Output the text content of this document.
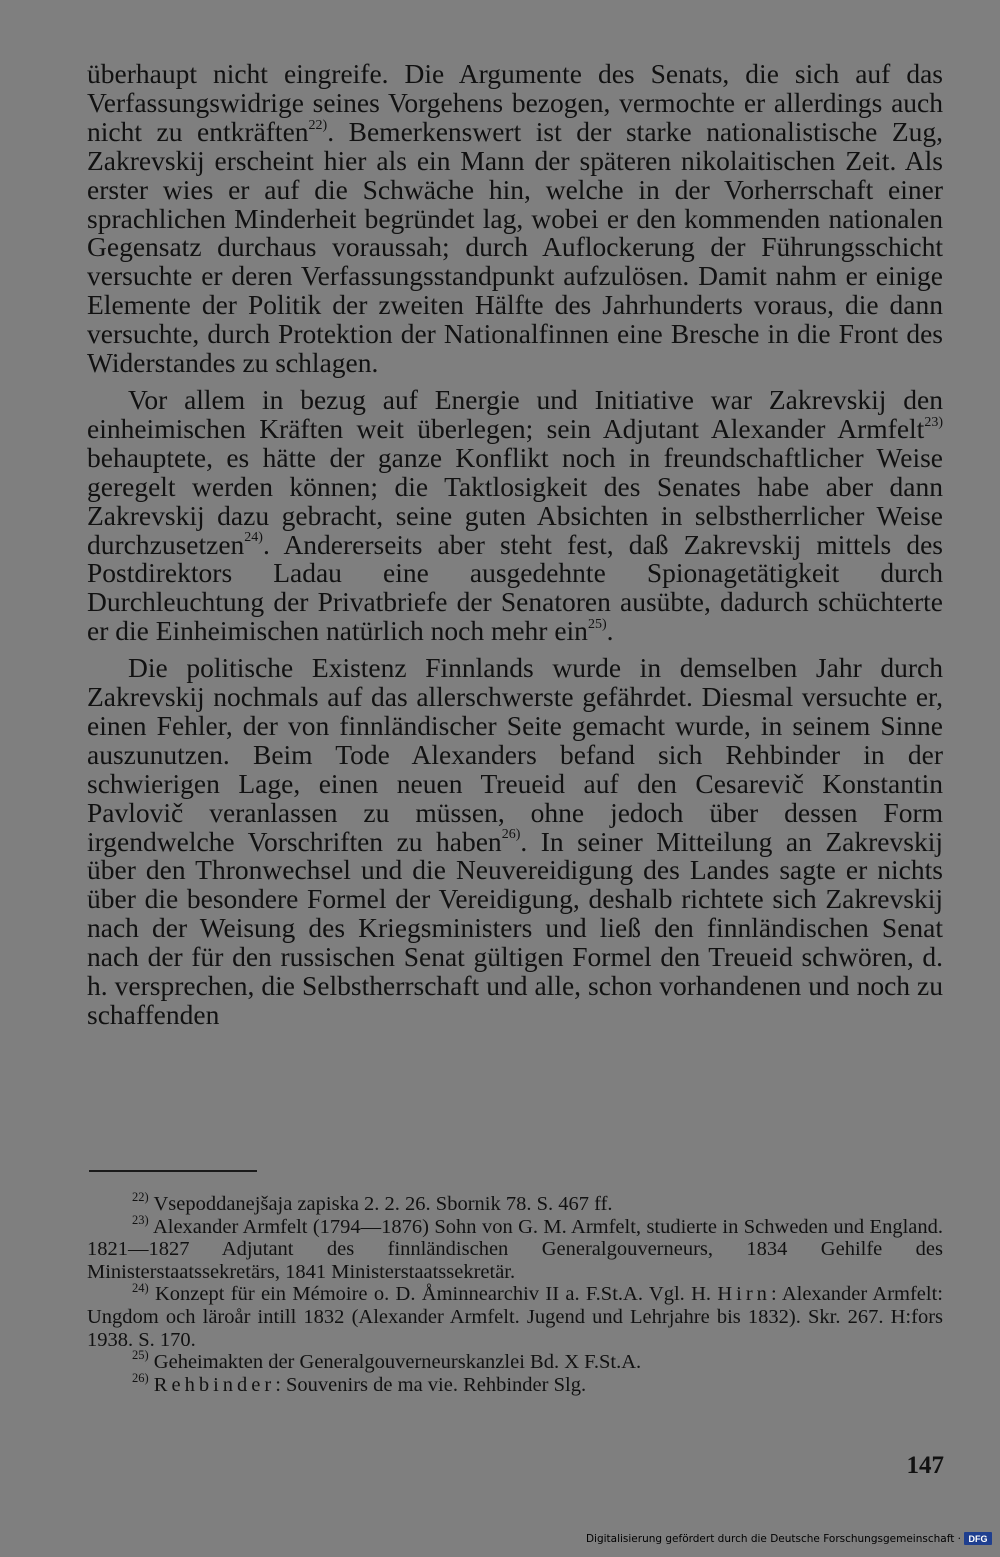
überhaupt nicht eingreife. Die Argumente des Senats, die sich auf das Verfassungswidrige seines Vorgehens bezogen, vermochte er allerdings auch nicht zu entkräften$^{22)}$. Bemerkenswert ist der starke nationalistische Zug, Zakrevskij erscheint hier als ein Mann der späteren nikolaitischen Zeit. Als erster wies er auf die Schwäche hin, welche in der Vorherrschaft einer sprachlichen Minderheit begründet lag, wobei er den kommenden nationalen Gegensatz durchaus voraussah; durch Auflockerung der Führungsschicht versuchte er deren Verfassungsstandpunkt aufzulösen. Damit nahm er einige Elemente der Politik der zweiten Hälfte des Jahrhunderts voraus, die dann versuchte, durch Protektion der Nationalfinnen eine Bresche in die Front des Widerstandes zu schlagen.

Vor allem in bezug auf Energie und Initiative war Zakrevskij den einheimischen Kräften weit überlegen; sein Adjutant Alexander Armfelt$^{23)}$ behauptete, es hätte der ganze Konflikt noch in freundschaftlicher Weise geregelt werden können; die Taktlosigkeit des Senates habe aber dann Zakrevskij dazu gebracht, seine guten Absichten in selbstherrlicher Weise durchzusetzen$^{24)}$. Andererseits aber steht fest, daß Zakrevskij mittels des Postdirektors Ladau eine ausgedehnte Spionagetätigkeit durch Durchleuchtung der Privatbriefe der Senatoren ausübte, dadurch schüchterte er die Einheimischen natürlich noch mehr ein$^{25)}$.

Die politische Existenz Finnlands wurde in demselben Jahr durch Zakrevskij nochmals auf das allerschwerste gefährdet. Diesmal versuchte er, einen Fehler, der von finnländischer Seite gemacht wurde, in seinem Sinne auszunutzen. Beim Tode Alexanders befand sich Rehbinder in der schwierigen Lage, einen neuen Treueid auf den Cesarevič Konstantin Pavlovič veranlassen zu müssen, ohne jedoch über dessen Form irgendwelche Vorschriften zu haben$^{26)}$. In seiner Mitteilung an Zakrevskij über den Thronwechsel und die Neuvereidigung des Landes sagte er nichts über die besondere Formel der Vereidigung, deshalb richtete sich Zakrevskij nach der Weisung des Kriegsministers und ließ den finnländischen Senat nach der für den russischen Senat gültigen Formel den Treueid schwören, d. h. versprechen, die Selbstherrschaft und alle, schon vorhandenen und noch zu schaffenden

$^{22)}$ Vsepoddanejšaja zapiska 2. 2. 26. Sbornik 78. S. 467 ff.

$^{23)}$ Alexander Armfelt (1794—1876) Sohn von G. M. Armfelt, studierte in Schweden und England. 1821—1827 Adjutant des finnländischen Generalgouverneurs, 1834 Gehilfe des Ministerstaatssekretärs, 1841 Ministerstaatssekretär.

$^{24)}$ Konzept für ein Mémoire o. D. Åminnearchiv II a. F.St.A. Vgl. H. Hirn: Alexander Armfelt: Ungdom och läroår intill 1832 (Alexander Armfelt. Jugend und Lehrjahre bis 1832). Skr. 267. H:fors 1938. S. 170.

$^{25)}$ Geheimakten der Generalgouverneurskanzlei Bd. X F.St.A.

$^{26)}$ Rehbinder: Souvenirs de ma vie. Rehbinder Slg.

147
Digitalisierung gefördert durch die Deutsche Forschungsgemeinschaft · DFG
